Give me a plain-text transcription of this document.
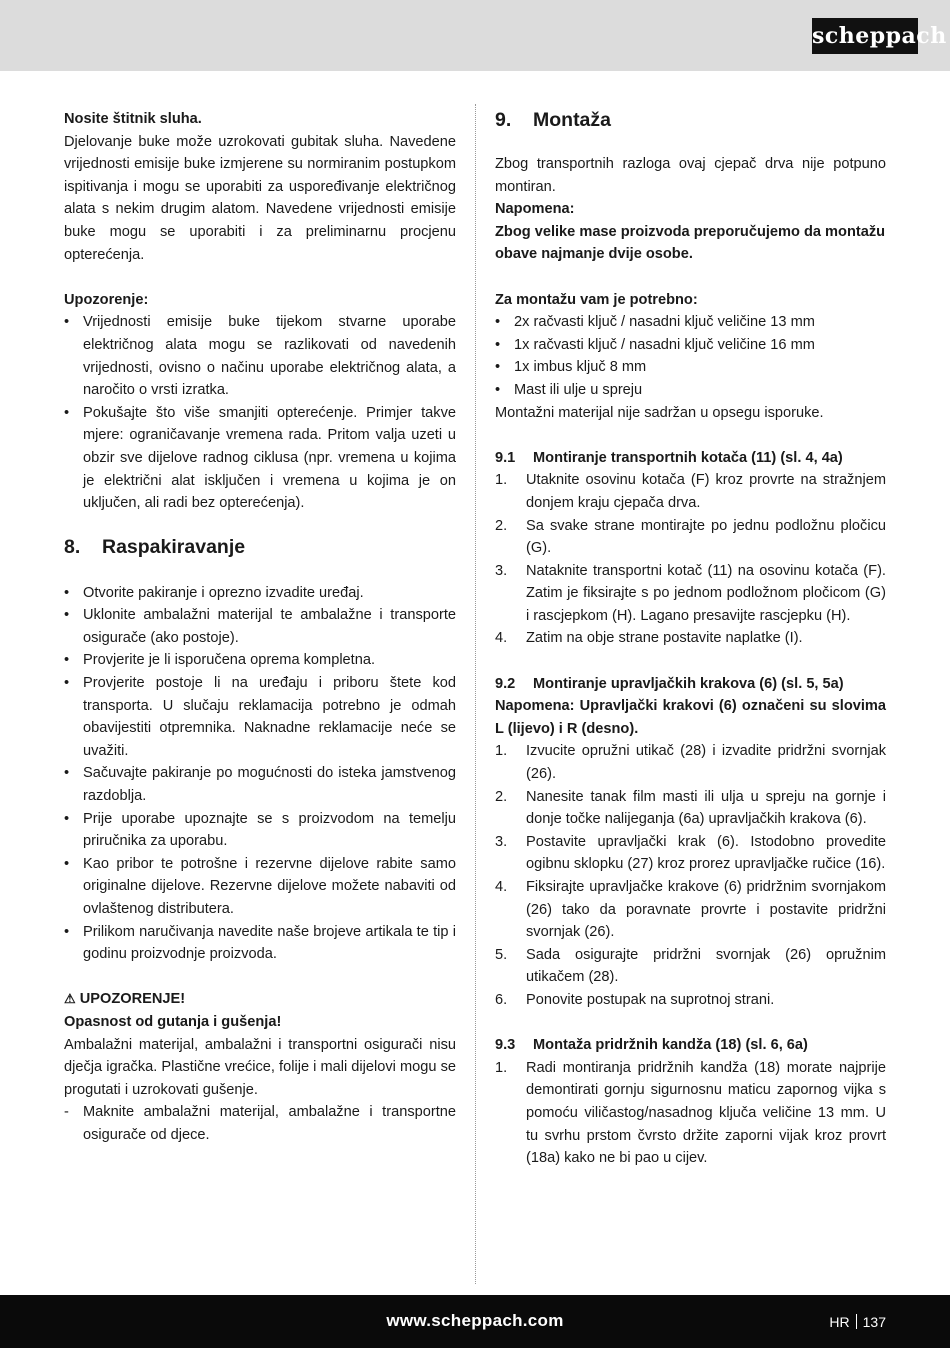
scheppach

Nosite štitnik sluha.

Djelovanje buke može uzrokovati gubitak sluha. Navedene vrijednosti emisije buke izmjerene su normiranim postupkom ispitivanja i mogu se uporabiti za uspoređivanje električnog alata s nekim drugim alatom. Navedene vrijednosti emisije buke mogu se uporabiti i za preliminarnu procjenu opterećenja.

Upozorenje:

• Vrijednosti emisije buke tijekom stvarne uporabe električnog alata mogu se razlikovati od navedenih vrijednosti, ovisno o načinu uporabe električnog alata, a naročito o vrsti izratka.
• Pokušajte što više smanjiti opterećenje. Primjer takve mjere: ograničavanje vremena rada. Pritom valja uzeti u obzir sve dijelove radnog ciklusa (npr. vremena u kojima je električni alat isključen i vremena u kojima je on uključen, ali radi bez opterećenja).
8.	Raspakiravanje
• Otvorite pakiranje i oprezno izvadite uređaj.
• Uklonite ambalažni materijal te ambalažne i transporte osigurače (ako postoje).
• Provjerite je li isporučena oprema kompletna.
• Provjerite postoje li na uređaju i priboru štete kod transporta. U slučaju reklamacija potrebno je odmah obavijestiti otpremnika. Naknadne reklamacije neće se uvažiti.
• Sačuvajte pakiranje po mogućnosti do isteka jamstvenog razdoblja.
• Prije uporabe upoznajte se s proizvodom na temelju priručnika za uporabu.
• Kao pribor te potrošne i rezervne dijelove rabite samo originalne dijelove. Rezervne dijelove možete nabaviti od ovlaštenog distributera.
• Prilikom naručivanja navedite naše brojeve artikala te tip i godinu proizvodnje proizvoda.

⚠ UPOZORENJE!

Opasnost od gutanja i gušenja!

Ambalažni materijal, ambalažni i transportni osigurači nisu dječja igračka. Plastične vrećice, folije i mali dijelovi mogu se progutati i uzrokovati gušenje.

- Maknite ambalažni materijal, ambalažne i transportne osigurače od djece.
9.	Montaža

Zbog transportnih razloga ovaj cjepač drva nije potpuno montiran.

Napomena:

Zbog velike mase proizvoda preporučujemo da montažu obave najmanje dvije osobe.

Za montažu vam je potrebno:

• 2x račvasti ključ / nasadni ključ veličine 13 mm
• 1x račvasti ključ / nasadni ključ veličine 16 mm
• 1x imbus ključ 8 mm
• Mast ili ulje u spreju

Montažni materijal nije sadržan u opsegu isporuke.

9.1	Montiranje transportnih kotača (11) (sl. 4, 4a)
1.	Utaknite osovinu kotača (F) kroz provrte na stražnjem donjem kraju cjepača drva.
2.	Sa svake strane montirajte po jednu podložnu pločicu (G).
3.	Nataknite transportni kotač (11) na osovinu kotača (F). Zatim je fiksirajte s po jednom podložnom pločicom (G) i rascjepkom (H). Lagano presavijte rascjepku (H).
4.	Zatim na obje strane postavite naplatke (I).
9.2	Montiranje upravljačkih krakova (6) (sl. 5, 5a)

Napomena: Upravljački krakovi (6) označeni su slovima L (lijevo) i R (desno).

1.	Izvucite opružni utikač (28) i izvadite pridržni svornjak (26).
2.	Nanesite tanak film masti ili ulja u spreju na gornje i donje točke nalijeganja (6a) upravljačkih krakova (6).
3.	Postavite upravljački krak (6). Istodobno provedite ogibnu sklopku (27) kroz prorez upravljačke ručice (16).
4.	Fiksirajte upravljačke krakove (6) pridržnim svornjakom (26) tako da poravnate provrte i postavite pridržni svornjak (26).
5.	Sada osigurajte pridržni svornjak (26) opružnim utikačem (28).
6.	Ponovite postupak na suprotnoj strani.
9.3	Montaža pridržnih kandža (18) (sl. 6, 6a)
1.	Radi montiranja pridržnih kandža (18) morate najprije demontirati gornju sigurnosnu maticu zapornog vijka s pomoću viličastog/nasadnog ključa veličine 13 mm. U tu svrhu prstom čvrsto držite zaporni vijak kroz provrt (18a) kako ne bi pao u cijev.
www.scheppach.com	HR 137
